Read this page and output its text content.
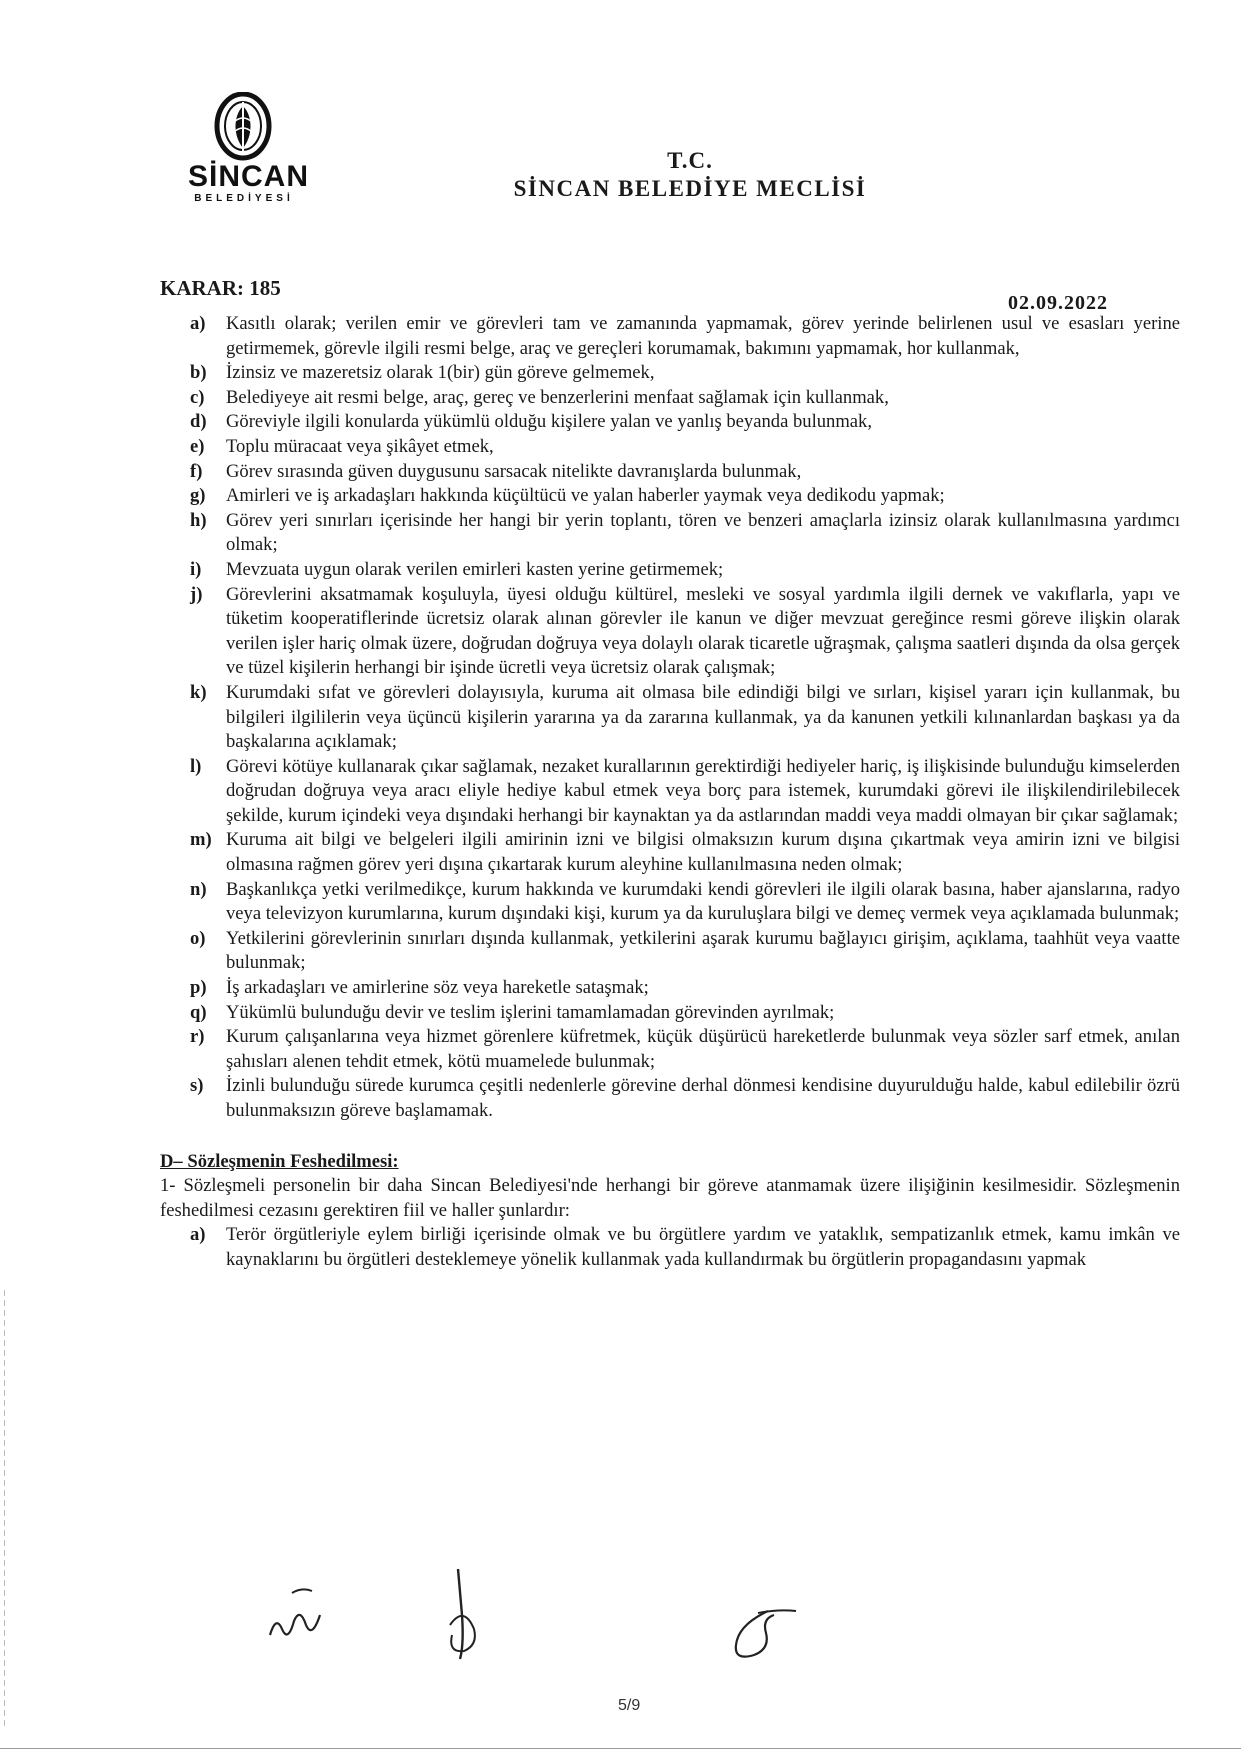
SİNCAN
BELEDİYESİ
T.C.
SİNCAN BELEDİYE MECLİSİ
KARAR: 185
02.09.2022
a) Kasıtlı olarak; verilen emir ve görevleri tam ve zamanında yapmamak, görev yerinde belirlenen usul ve esasları yerine getirmemek, görevle ilgili resmi belge, araç ve gereçleri korumamak, bakımını yapmamak, hor kullanmak,
b) İzinsiz ve mazeretsiz olarak 1(bir) gün göreve gelmemek,
c) Belediyeye ait resmi belge, araç, gereç ve benzerlerini menfaat sağlamak için kullanmak,
d) Göreviyle ilgili konularda yükümlü olduğu kişilere yalan ve yanlış beyanda bulunmak,
e) Toplu müracaat veya şikâyet etmek,
f) Görev sırasında güven duygusunu sarsacak nitelikte davranışlarda bulunmak,
g) Amirleri ve iş arkadaşları hakkında küçültücü ve yalan haberler yaymak veya dedikodu yapmak;
h) Görev yeri sınırları içerisinde her hangi bir yerin toplantı, tören ve benzeri amaçlarla izinsiz olarak kullanılmasına yardımcı olmak;
i) Mevzuata uygun olarak verilen emirleri kasten yerine getirmemek;
j) Görevlerini aksatmamak koşuluyla, üyesi olduğu kültürel, mesleki ve sosyal yardımla ilgili dernek ve vakıflarla, yapı ve tüketim kooperatiflerinde ücretsiz olarak alınan görevler ile kanun ve diğer mevzuat gereğince resmi göreve ilişkin olarak verilen işler hariç olmak üzere, doğrudan doğruya veya dolaylı olarak ticaretle uğraşmak, çalışma saatleri dışında da olsa gerçek ve tüzel kişilerin herhangi bir işinde ücretli veya ücretsiz olarak çalışmak;
k) Kurumdaki sıfat ve görevleri dolayısıyla, kuruma ait olmasa bile edindiği bilgi ve sırları, kişisel yararı için kullanmak, bu bilgileri ilgililerin veya üçüncü kişilerin yararına ya da zararına kullanmak, ya da kanunen yetkili kılınanlardan başkası ya da başkalarına açıklamak;
l) Görevi kötüye kullanarak çıkar sağlamak, nezaket kurallarının gerektirdiği hediyeler hariç, iş ilişkisinde bulunduğu kimselerden doğrudan doğruya veya aracı eliyle hediye kabul etmek veya borç para istemek, kurumdaki görevi ile ilişkilendirilebilecek şekilde, kurum içindeki veya dışındaki herhangi bir kaynaktan ya da astlarından maddi veya maddi olmayan bir çıkar sağlamak;
m) Kuruma ait bilgi ve belgeleri ilgili amirinin izni ve bilgisi olmaksızın kurum dışına çıkartmak veya amirin izni ve bilgisi olmasına rağmen görev yeri dışına çıkartarak kurum aleyhine kullanılmasına neden olmak;
n) Başkanlıkça yetki verilmedikçe, kurum hakkında ve kurumdaki kendi görevleri ile ilgili olarak basına, haber ajanslarına, radyo veya televizyon kurumlarına, kurum dışındaki kişi, kurum ya da kuruluşlara bilgi ve demeç vermek veya açıklamada bulunmak;
o) Yetkilerini görevlerinin sınırları dışında kullanmak, yetkilerini aşarak kurumu bağlayıcı girişim, açıklama, taahhüt veya vaatte bulunmak;
p) İş arkadaşları ve amirlerine söz veya hareketle sataşmak;
q) Yükümlü bulunduğu devir ve teslim işlerini tamamlamadan görevinden ayrılmak;
r) Kurum çalışanlarına veya hizmet görenlere küfretmek, küçük düşürücü hareketlerde bulunmak veya sözler sarf etmek, anılan şahısları alenen tehdit etmek, kötü muamelede bulunmak;
s) İzinli bulunduğu sürede kurumca çeşitli nedenlerle görevine derhal dönmesi kendisine duyurulduğu halde, kabul edilebilir özrü bulunmaksızın göreve başlamamak.
D– Sözleşmenin Feshedilmesi:
1- Sözleşmeli personelin bir daha Sincan Belediyesi'nde herhangi bir göreve atanmamak üzere ilişiğinin kesilmesidir. Sözleşmenin feshedilmesi cezasını gerektiren fiil ve haller şunlardır:
a) Terör örgütleriyle eylem birliği içerisinde olmak ve bu örgütlere yardım ve yataklık, sempatizanlık etmek, kamu imkân ve kaynaklarını bu örgütleri desteklemeye yönelik kullanmak yada kullandırmak bu örgütlerin propagandasını yapmak
5/9
